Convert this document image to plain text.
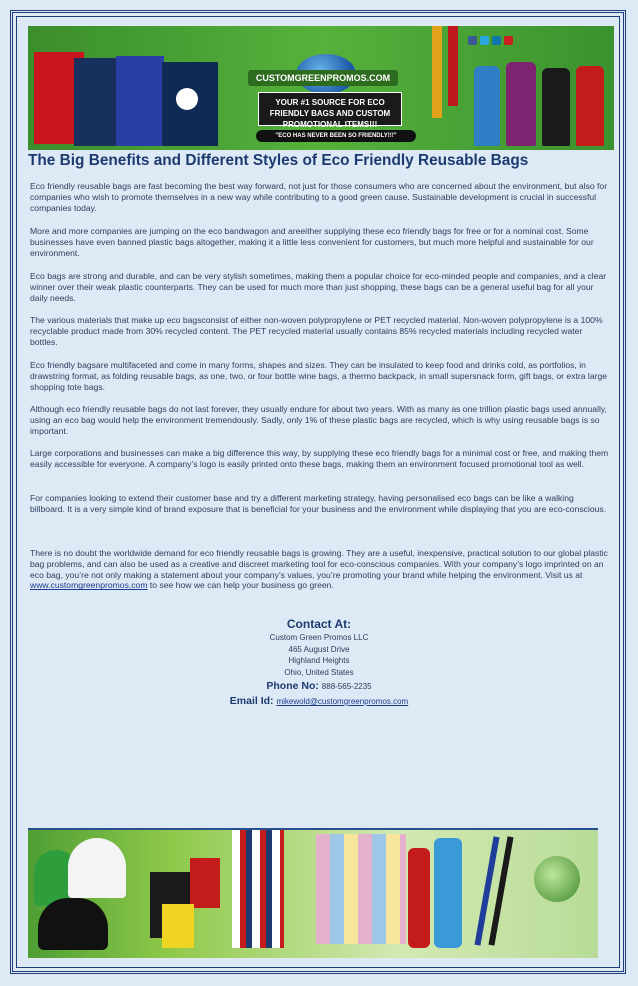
CUSTOMGREENPROMOS.COM
YOUR #1 SOURCE FOR ECO FRIENDLY BAGS AND CUSTOM PROMOTIONAL ITEMS!!!
"ECO HAS NEVER BEEN SO FRIENDLY!!!"
The Big Benefits and Different Styles of Eco Friendly Reusable Bags

Eco friendly reusable bags are fast becoming the best way forward, not just for those consumers who are concerned about the environment, but also for companies who wish to promote themselves in a new way while contributing to a good green cause. Sustainable development is crucial in successful companies today.

More and more companies are jumping on the eco bandwagon and areeither supplying these eco friendly bags for free or for a nominal cost. Some businesses have even banned plastic bags altogether, making it a little less convenient for customers, but much more helpful and sustainable for our environment.

Eco bags are strong and durable, and can be very stylish sometimes, making them a popular choice for eco-minded people and companies, and a clear winner over their weak plastic counterparts. They can be used for much more than just shopping, these bags can be a general useful bag for all your daily needs.

The various materials that make up eco bagsconsist of either non-woven polypropylene or PET recycled material. Non-woven polypropylene is a 100% recyclable product made from 30% recycled content. The PET recycled material usually contains 85% recycled materials including recycled water bottles.

Eco friendly bagsare multifaceted and come in many forms, shapes and sizes. They can be insulated to keep food and drinks cold, as portfolios, in drawstring format, as folding reusable bags, as one, two, or four bottle wine bags, a thermo backpack, in small supersnack form, gift bags, or extra large shopping tote bags.

Although eco friendly reusable bags do not last forever, they usually endure for about two years. With as many as one trillion plastic bags used annually, using an eco bag would help the environment tremendously. Sadly, only 1% of these plastic bags are recycled, which is why using reusable bags is so important.

Large corporations and businesses can make a big difference this way, by supplying these eco friendly bags for a minimal cost or free, and making them easily accessible for everyone. A company’s logo is easily printed onto these bags, making them an environment focused promotional tool as well.

For companies looking to extend their customer base and try a different marketing strategy, having personalised eco bags can be like a walking billboard. It is a very simple kind of brand exposure that is beneficial for your business and the environment while displaying that you are eco-conscious.

There is no doubt the worldwide demand for eco friendly reusable bags is growing. They are a useful, inexpensive, practical solution to our global plastic bag problems, and can also be used as a creative and discreet marketing tool for eco-conscious companies. With your company’s logo imprinted on an eco bag, you’re not only making a statement about your company’s values, you’re promoting your brand while helping the environment. Visit us at www.customgreenpromos.com to see how we can help your business go green.

Contact At:
Custom Green Promos LLC
465 August Drive
Highland Heights
Ohio, United States
Phone No: 888-565-2235
Email Id: mikewold@customgreenpromos.com
